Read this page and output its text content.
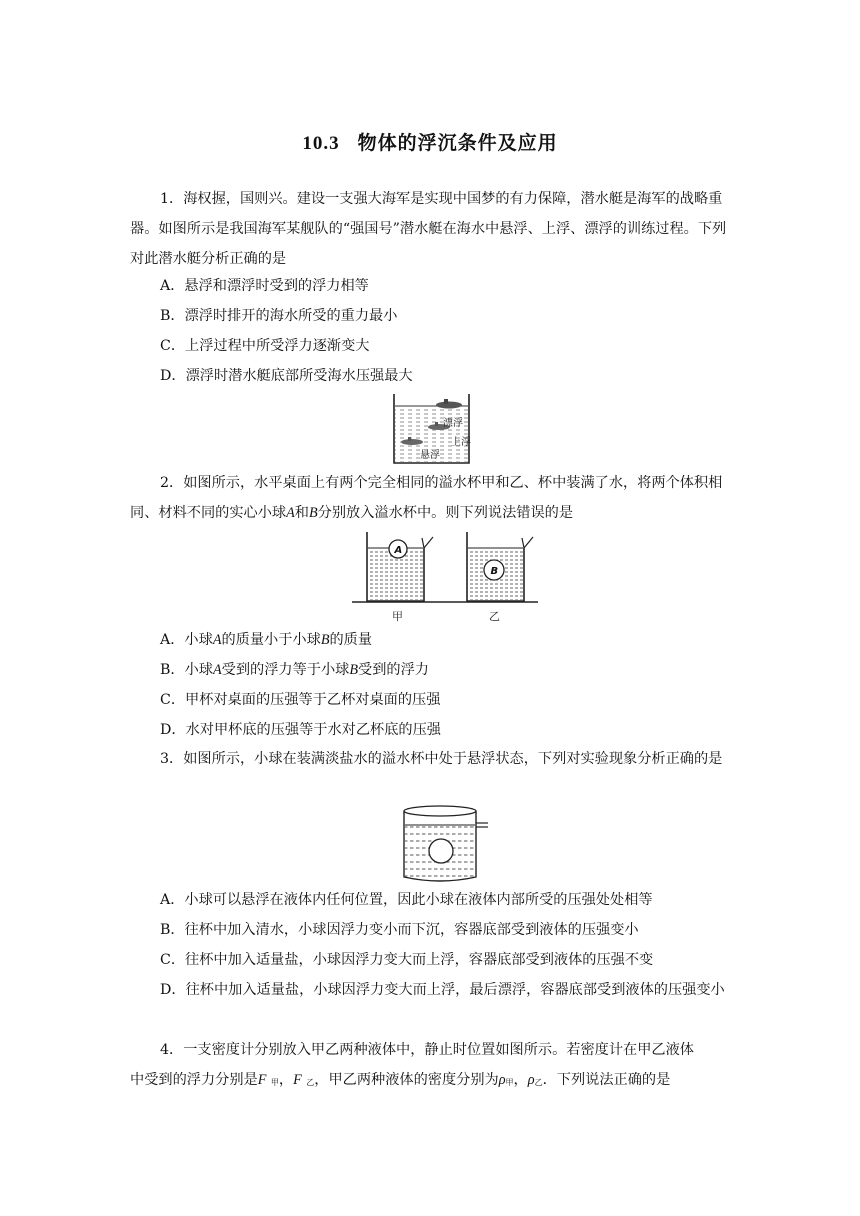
10.3 物体的浮沉条件及应用
1．海权握，国则兴。建设一支强大海军是实现中国梦的有力保障，潜水艇是海军的战略重器。如图所示是我国海军某舰队的“强国号”潜水艇在海水中悬浮、上浮、漂浮的训练过程。下列对此潜水艇分析正确的是
A．悬浮和漂浮时受到的浮力相等
B．漂浮时排开的海水所受的重力最小
C．上浮过程中所受浮力逐渐变大
D．漂浮时潜水艇底部所受海水压强最大
漂浮
上浮
悬浮
2．如图所示，水平桌面上有两个完全相同的溢水杯甲和乙、杯中装满了水，将两个体积相同、材料不同的实心小球A和B分别放入溢水杯中。则下列说法错误的是
A
B
甲	乙
A．小球A的质量小于小球B的质量
B．小球A受到的浮力等于小球B受到的浮力
C．甲杯对桌面的压强等于乙杯对桌面的压强
D．水对甲杯底的压强等于水对乙杯底的压强
3．如图所示，小球在装满淡盐水的溢水杯中处于悬浮状态，下列对实验现象分析正确的是
A．小球可以悬浮在液体内任何位置，因此小球在液体内部所受的压强处处相等
B．往杯中加入清水，小球因浮力变小而下沉，容器底部受到液体的压强变小
C．往杯中加入适量盐，小球因浮力变大而上浮，容器底部受到液体的压强不变
D．往杯中加入适量盐，小球因浮力变大而上浮，最后漂浮，容器底部受到液体的压强变小
4．一支密度计分别放入甲乙两种液体中，静止时位置如图所示。若密度计在甲乙液体
中受到的浮力分别是F $_甲$，F $_乙$，甲乙两种液体的密度分别为$\rho_甲$，$\rho_乙$．下列说法正确的是
